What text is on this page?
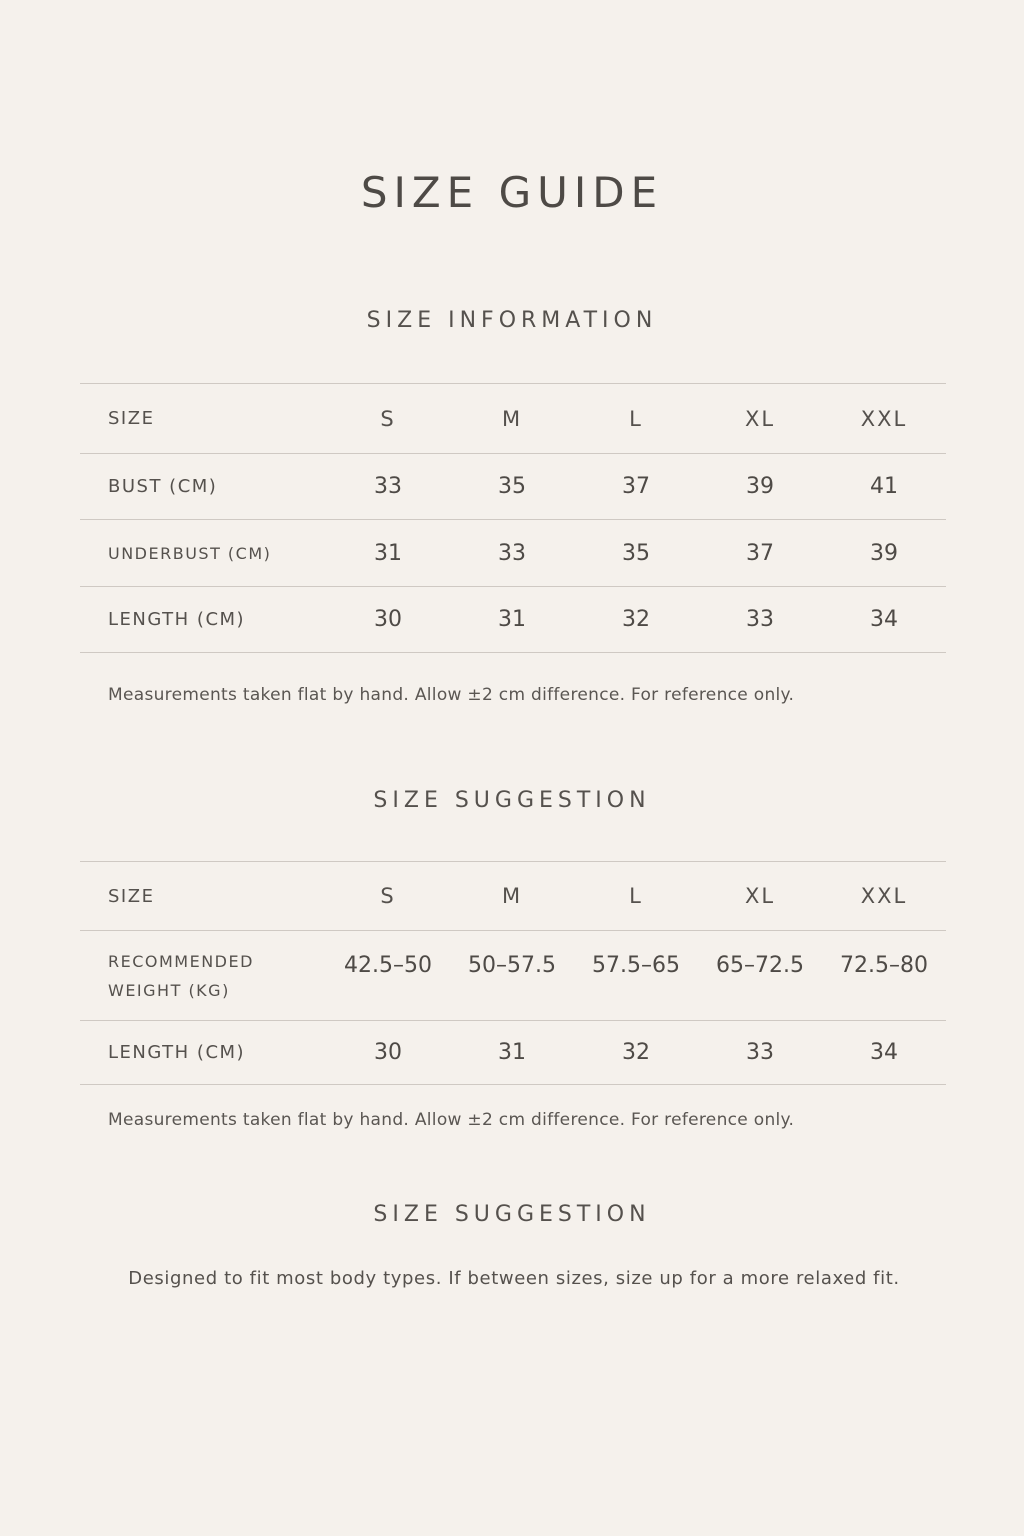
SIZE GUIDE
SIZE INFORMATION
SIZE	S	M	L	XL	XXL
BUST (CM)	33	35	37	39	41
UNDERBUST (CM)	31	33	35	37	39
LENGTH (CM)	30	31	32	33	34

Measurements taken flat by hand. Allow ±2 cm difference. For reference only.

SIZE SUGGESTION
SIZE	S	M	L	XL	XXL
RECOMMENDED
WEIGHT (KG)
42.5–50	50–57.5	57.5–65	65–72.5	72.5–80
LENGTH (CM)	30	31	32	33	34

Measurements taken flat by hand. Allow ±2 cm difference. For reference only.

SIZE SUGGESTION

Designed to fit most body types. If between sizes, size up for a more relaxed fit.
